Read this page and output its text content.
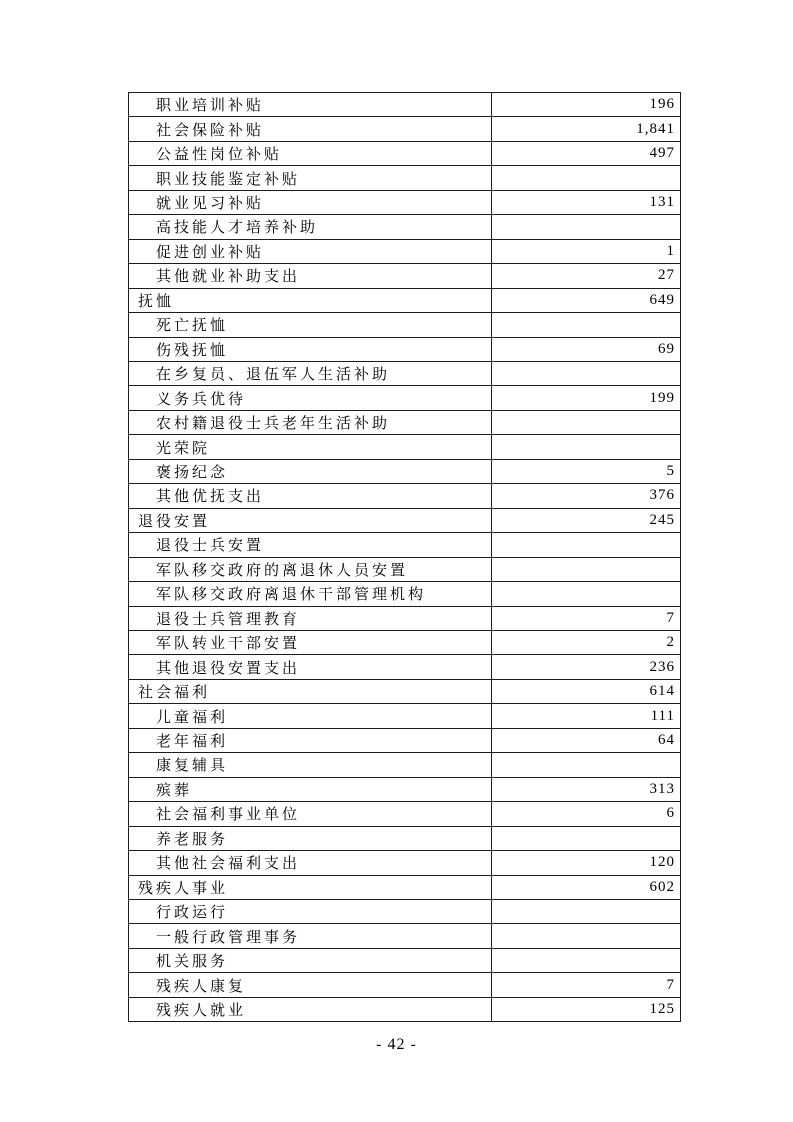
职业培训补贴	196
社会保险补贴	1,841
公益性岗位补贴	497
职业技能鉴定补贴
就业见习补贴	131
高技能人才培养补助
促进创业补贴	1
其他就业补助支出	27
抚恤	649
死亡抚恤
伤残抚恤	69
在乡复员、退伍军人生活补助
义务兵优待	199
农村籍退役士兵老年生活补助
光荣院
褒扬纪念	5
其他优抚支出	376
退役安置	245
退役士兵安置
军队移交政府的离退休人员安置
军队移交政府离退休干部管理机构
退役士兵管理教育	7
军队转业干部安置	2
其他退役安置支出	236
社会福利	614
儿童福利	111
老年福利	64
康复辅具
殡葬	313
社会福利事业单位	6
养老服务
其他社会福利支出	120
残疾人事业	602
行政运行
一般行政管理事务
机关服务
残疾人康复	7
残疾人就业	125
- 42 -
